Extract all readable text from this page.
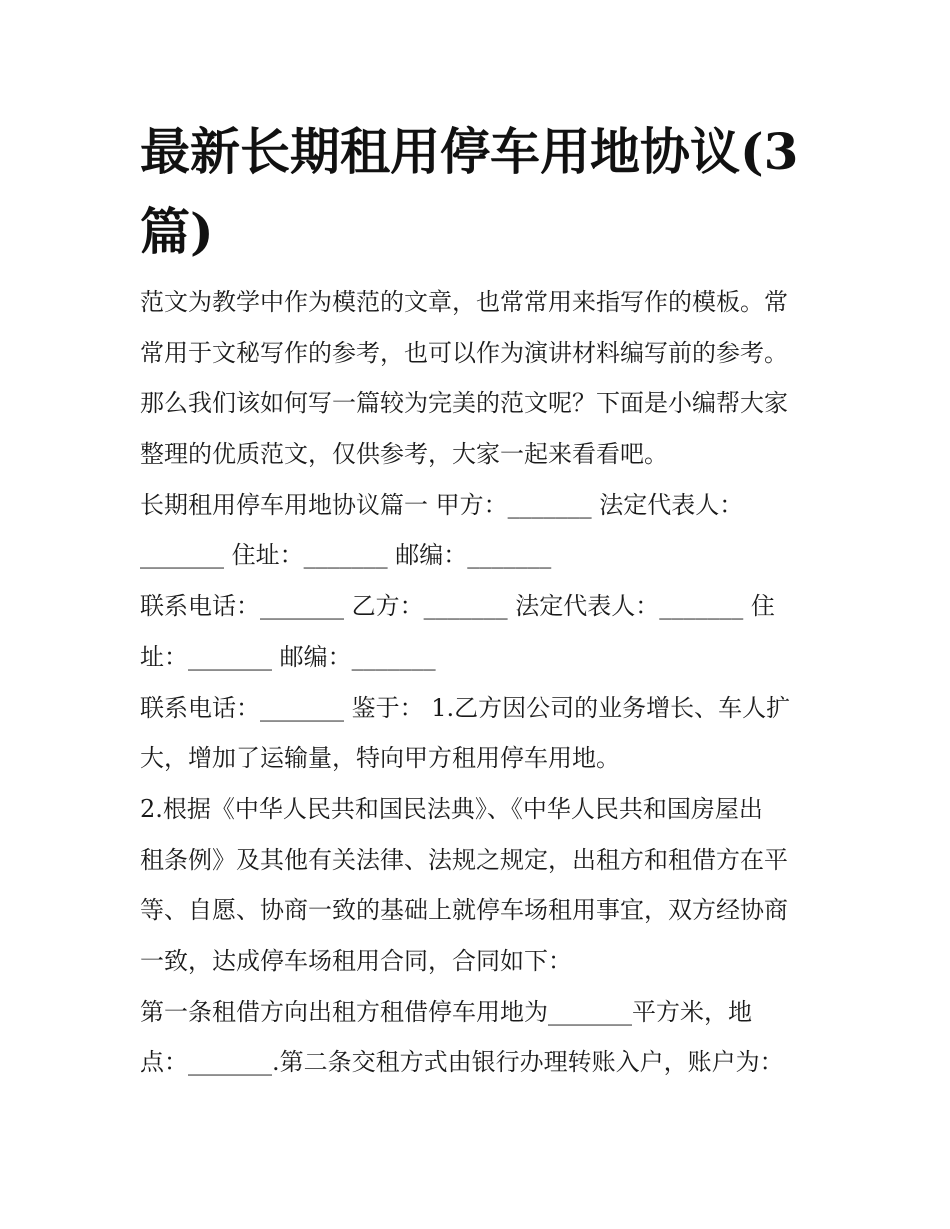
最新长期租用停车用地协议(3篇)
范文为教学中作为模范的文章，也常常用来指写作的模板。常
常用于文秘写作的参考，也可以作为演讲材料编写前的参考。
那么我们该如何写一篇较为完美的范文呢？下面是小编帮大家
整理的优质范文，仅供参考，大家一起来看看吧。
长期租用停车用地协议篇一 甲方：_______ 法定代表人：
_______ 住址：_______ 邮编：_______
联系电话：_______ 乙方：_______ 法定代表人：_______ 住
址：_______ 邮编：_______
联系电话：_______ 鉴于： 1.乙方因公司的业务增长、车人扩
大，增加了运输量，特向甲方租用停车用地。
2.根据《中华人民共和国民法典》、《中华人民共和国房屋出
租条例》及其他有关法律、法规之规定，出租方和租借方在平
等、自愿、协商一致的基础上就停车场租用事宜，双方经协商
一致，达成停车场租用合同，合同如下：
第一条租借方向出租方租借停车用地为_______平方米，地
点：_______.第二条交租方式由银行办理转账入户，账户为：
